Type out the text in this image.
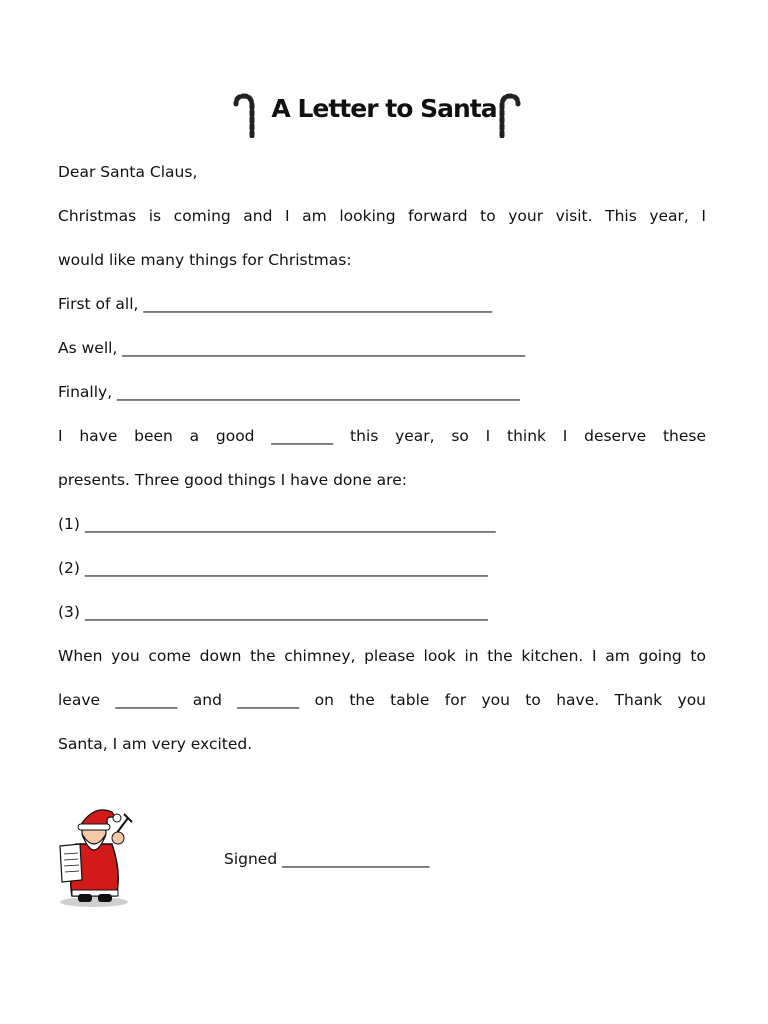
A Letter to Santa
Dear Santa Claus,
Christmas is coming and I am looking forward to your visit. This year, I
would like many things for Christmas:
First of all, _____________________________________________
As well, ____________________________________________________
Finally, ____________________________________________________
I have been a good ________ this year, so I think I deserve these
presents. Three good things I have done are:
(1) _____________________________________________________
(2) ____________________________________________________
(3) ____________________________________________________
When you come down the chimney, please look in the kitchen. I am going to
leave ________ and ________ on the table for you to have. Thank you
Santa, I am very excited.
Signed ___________________
